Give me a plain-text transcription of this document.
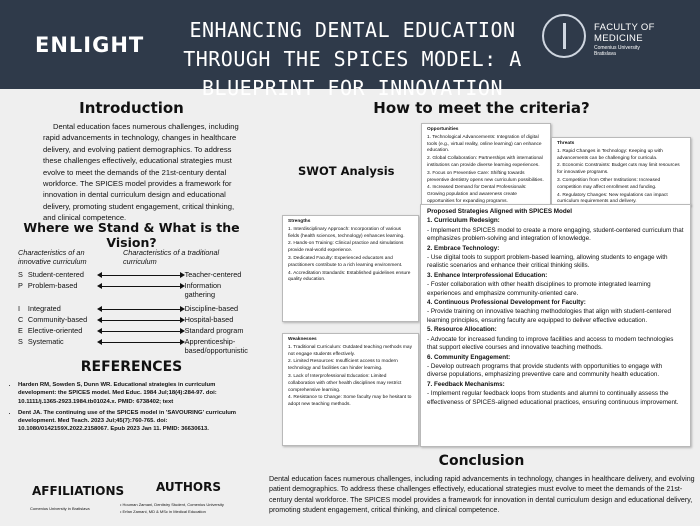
ENLIGHT
ENHANCING DENTAL EDUCATION THROUGH THE SPICES MODEL: A BLUEPRINT FOR INNOVATION
FACULTY OF MEDICINE
Comenius University
Bratislava
Introduction

Dental education faces numerous challenges, including rapid advancements in technology, changes in healthcare delivery, and evolving patient demographics. To address these challenges effectively, educational strategies must evolve to meet the demands of the 21st-century dental workforce. The SPICES model provides a framework for innovation in dental curriculum design and educational delivery, promoting student engagement, critical thinking, and clinical competence.

Where we Stand & What is the Vision?
Characteristics of an innovative curriculum
Characteristics of a traditional curriculum
S Student-centered	Teacher-centered
P Problem-based	Information gathering
I	Integrated	Discipline-based
C Community-based	Hospital-based
E Elective-oriented	Standard program
S Systematic	Apprenticeship-based/opportunistic
REFERENCES
• Harden RM, Sowden S, Dunn WR. Educational strategies in curriculum development: the SPICES model. Med Educ. 1984 Jul;18(4):284-97. doi: 10.1111/j.1365-2923.1984.tb01024.x. PMID: 6738402; text
• Dent JA. The continuing use of the SPICES model in 'SAVOURING' curriculum development. Med Teach. 2023 Jul;45(7):760-765. doi: 10.1080/0142159X.2022.2158067. Epub 2023 Jan 11. PMID: 36630613.
AFFILIATIONS
Comenius University in Bratislava
AUTHORS
• Houman Zamani, Dentistry Student, Comenius University
• Erfan Zamani, MD & MSc in Medical Education
How to meet the criteria?
SWOT Analysis

Opportunities

1. Technological Advancements: Integration of digital tools (e.g., virtual reality, online learning) can enhance education.

2. Global Collaboration: Partnerships with international institutions can provide diverse learning experiences.

3. Focus on Preventive Care: Shifting towards preventive dentistry opens new curriculum possibilities.

4. Increased Demand for Dental Professionals: Growing population and awareness create opportunities for expanding programs.

Threats

1. Rapid Changes in Technology: Keeping up with advancements can be challenging for curricula.

2. Economic Constraints: Budget cuts may limit resources for innovative programs.

3. Competition from Other Institutions: Increased competition may affect enrollment and funding.

4. Regulatory Changes: New regulations can impact curriculum requirements and delivery.

Strengths

1. Interdisciplinary Approach: Incorporation of various fields (health sciences, technology) enhances learning.

2. Hands-on Training: Clinical practice and simulations provide real-world experience.

3. Dedicated Faculty: Experienced educators and practitioners contribute to a rich learning environment.

4. Accreditation Standards: Established guidelines ensure quality education.

Weaknesses

1. Traditional Curriculum: Outdated teaching methods may not engage students effectively.

2. Limited Resources: Insufficient access to modern technology and facilities can hinder learning.

3. Lack of Interprofessional Education: Limited collaboration with other health disciplines may restrict comprehensive learning.

4. Resistance to Change: Some faculty may be hesitant to adopt new teaching methods.

Proposed Strategies Aligned with SPICES Model

1. Curriculum Redesign:

- Implement the SPICES model to create a more engaging, student-centered curriculum that emphasizes problem-solving and integration of knowledge.

2. Embrace Technology:

- Use digital tools to support problem-based learning, allowing students to engage with realistic scenarios and enhance their critical thinking skills.

3. Enhance Interprofessional Education:

- Foster collaboration with other health disciplines to promote integrated learning experiences and emphasize community-oriented care.

4. Continuous Professional Development for Faculty:

- Provide training on innovative teaching methodologies that align with student-centered learning principles, ensuring faculty are equipped to deliver effective education.

5. Resource Allocation:

- Advocate for increased funding to improve facilities and access to modern technologies that support elective courses and innovative teaching methods.

6. Community Engagement:

- Develop outreach programs that provide students with opportunities to engage with diverse populations, emphasizing preventive care and community health education.

7. Feedback Mechanisms:

- Implement regular feedback loops from students and alumni to continually assess the effectiveness of SPICES-aligned educational practices, ensuring continuous improvement.

Conclusion

Dental education faces numerous challenges, including rapid advancements in technology, changes in healthcare delivery, and evolving patient demographics. To address these challenges effectively, educational strategies must evolve to meet the demands of the 21st-century dental workforce. The SPICES model provides a framework for innovation in dental curriculum design and educational delivery, promoting student engagement, critical thinking, and clinical competence.
